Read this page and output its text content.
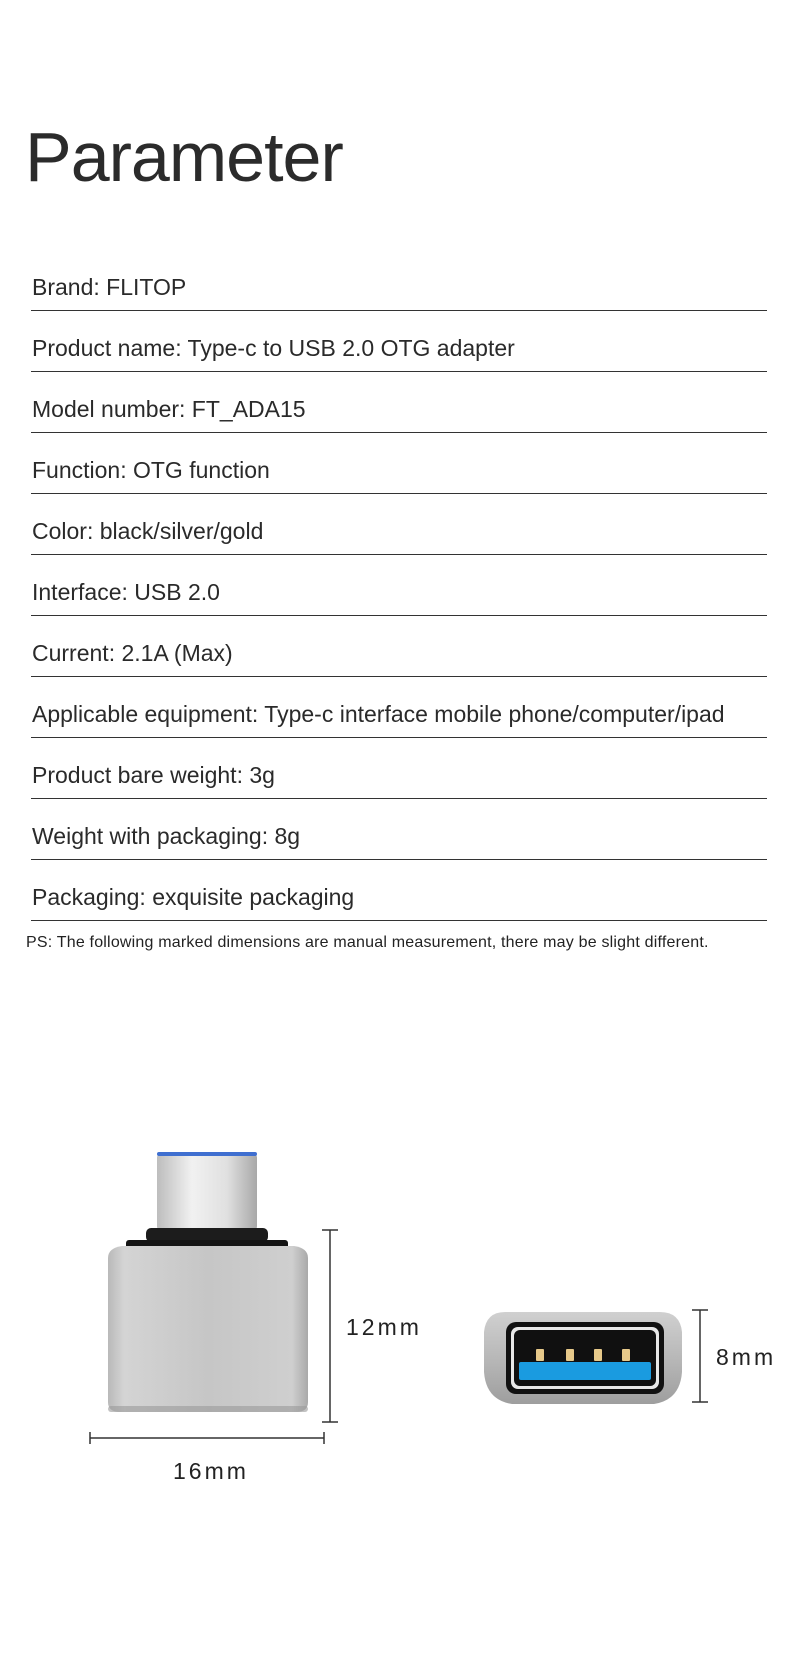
Parameter
Brand: FLITOP
Product name: Type-c to USB 2.0 OTG adapter
Model number: FT_ADA15
Function: OTG function
Color: black/silver/gold
Interface: USB 2.0
Current: 2.1A (Max)
Applicable equipment: Type-c interface mobile phone/computer/ipad
Product bare weight: 3g
Weight with packaging: 8g
Packaging: exquisite packaging
PS: The following marked dimensions are manual measurement, there may be slight different.
12mm
16mm
8mm
